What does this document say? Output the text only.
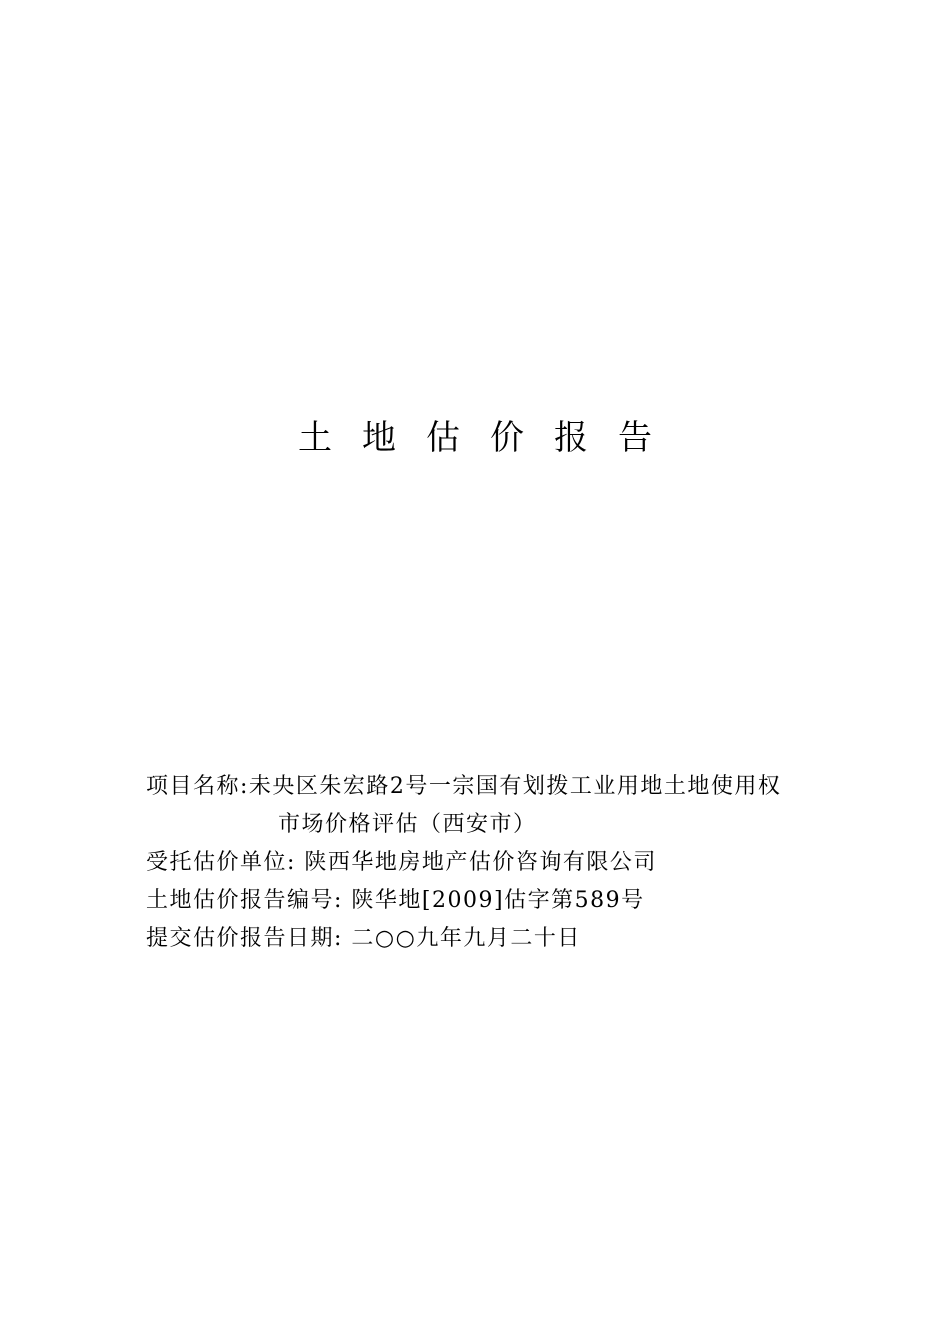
土地估价报告
项目名称:未央区朱宏路2号一宗国有划拨工业用地土地使用权
市场价格评估（西安市）
受托估价单位: 陕西华地房地产估价咨询有限公司
土地估价报告编号: 陕华地[2009]估字第589号
提交估价报告日期: 二○○九年九月二十日
